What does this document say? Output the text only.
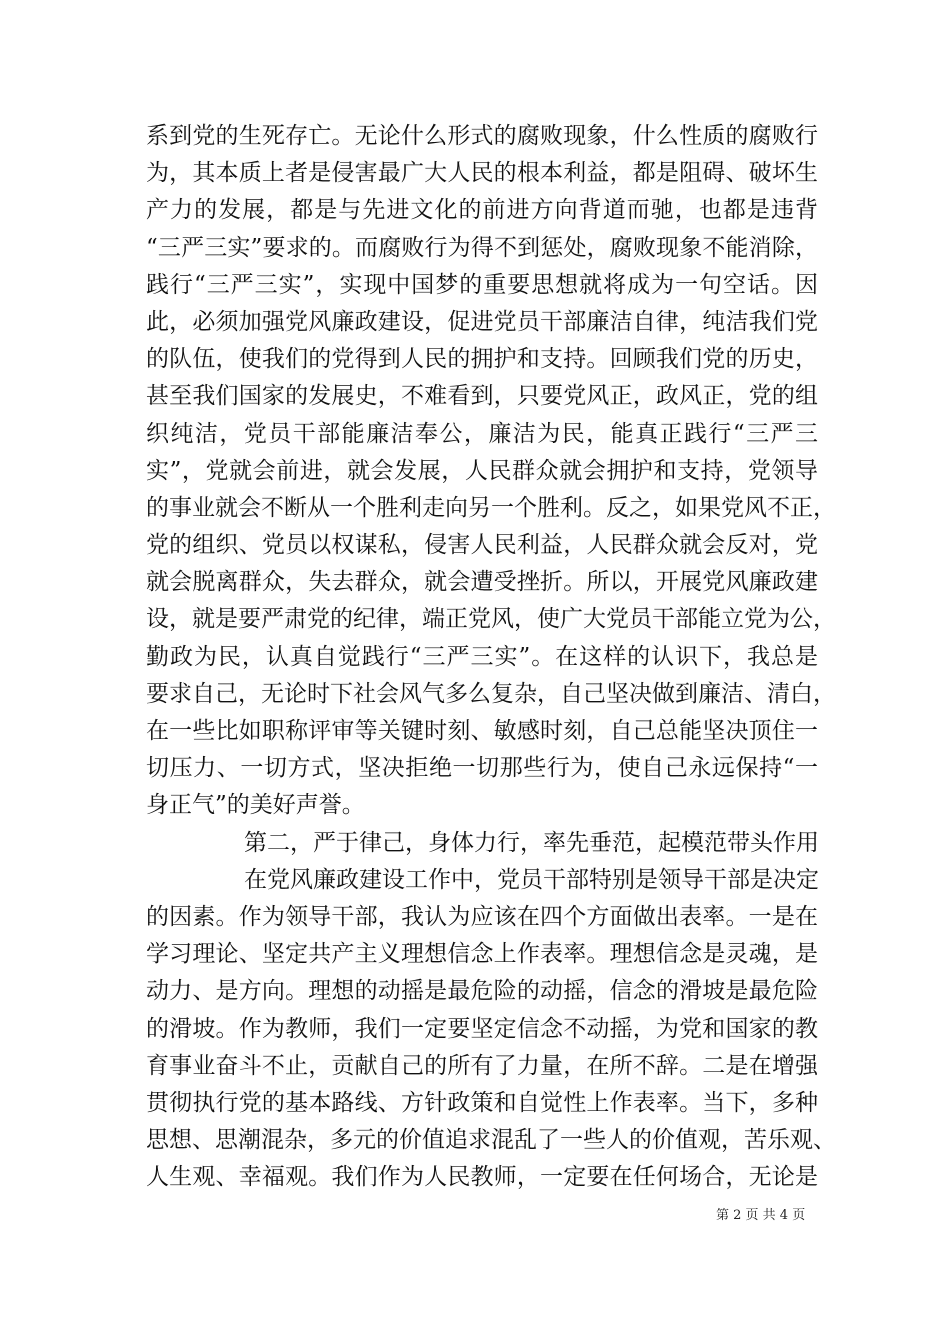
系到党的生死存亡。无论什么形式的腐败现象，什么性质的腐败行
为，其本质上者是侵害最广大人民的根本利益，都是阻碍、破坏生
产力的发展，都是与先进文化的前进方向背道而驰，也都是违背
“三严三实”要求的。而腐败行为得不到惩处，腐败现象不能消除，
践行“三严三实”，实现中国梦的重要思想就将成为一句空话。因
此，必须加强党风廉政建设，促进党员干部廉洁自律，纯洁我们党
的队伍，使我们的党得到人民的拥护和支持。回顾我们党的历史，
甚至我们国家的发展史，不难看到，只要党风正，政风正，党的组
织纯洁，党员干部能廉洁奉公，廉洁为民，能真正践行“三严三
实”，党就会前进，就会发展，人民群众就会拥护和支持，党领导
的事业就会不断从一个胜利走向另一个胜利。反之，如果党风不正，
党的组织、党员以权谋私，侵害人民利益，人民群众就会反对，党
就会脱离群众，失去群众，就会遭受挫折。所以，开展党风廉政建
设，就是要严肃党的纪律，端正党风，使广大党员干部能立党为公，
勤政为民，认真自觉践行“三严三实”。在这样的认识下，我总是
要求自己，无论时下社会风气多么复杂，自己坚决做到廉洁、清白，
在一些比如职称评审等关键时刻、敏感时刻，自己总能坚决顶住一
切压力、一切方式，坚决拒绝一切那些行为，使自己永远保持“一
身正气”的美好声誉。
第二，严于律己，身体力行，率先垂范，起模范带头作用
在党风廉政建设工作中，党员干部特别是领导干部是决定
的因素。作为领导干部，我认为应该在四个方面做出表率。一是在
学习理论、坚定共产主义理想信念上作表率。理想信念是灵魂，是
动力、是方向。理想的动摇是最危险的动摇，信念的滑坡是最危险
的滑坡。作为教师，我们一定要坚定信念不动摇，为党和国家的教
育事业奋斗不止，贡献自己的所有了力量，在所不辞。二是在增强
贯彻执行党的基本路线、方针政策和自觉性上作表率。当下，多种
思想、思潮混杂，多元的价值追求混乱了一些人的价值观，苦乐观、
人生观、幸福观。我们作为人民教师，一定要在任何场合，无论是
第 2 页 共 4 页
